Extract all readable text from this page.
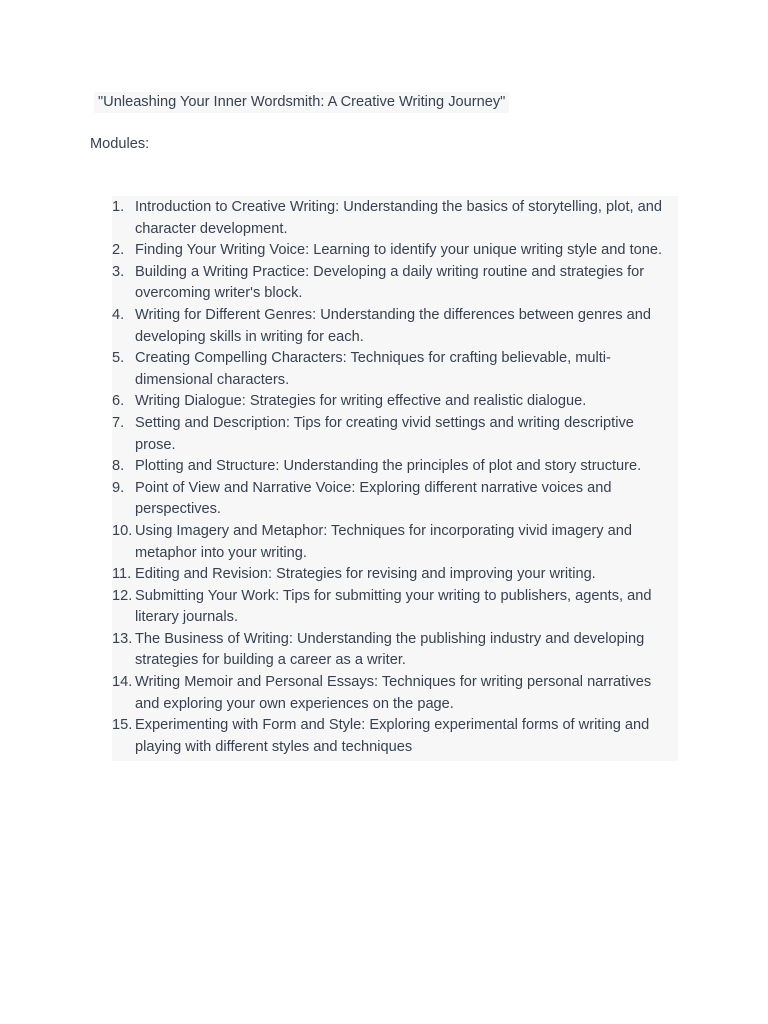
"Unleashing Your Inner Wordsmith: A Creative Writing Journey"
Modules:
1. Introduction to Creative Writing: Understanding the basics of storytelling, plot, and character development.
2. Finding Your Writing Voice: Learning to identify your unique writing style and tone.
3. Building a Writing Practice: Developing a daily writing routine and strategies for overcoming writer's block.
4. Writing for Different Genres: Understanding the differences between genres and developing skills in writing for each.
5. Creating Compelling Characters: Techniques for crafting believable, multi-dimensional characters.
6. Writing Dialogue: Strategies for writing effective and realistic dialogue.
7. Setting and Description: Tips for creating vivid settings and writing descriptive prose.
8. Plotting and Structure: Understanding the principles of plot and story structure.
9. Point of View and Narrative Voice: Exploring different narrative voices and perspectives.
10. Using Imagery and Metaphor: Techniques for incorporating vivid imagery and metaphor into your writing.
11. Editing and Revision: Strategies for revising and improving your writing.
12. Submitting Your Work: Tips for submitting your writing to publishers, agents, and literary journals.
13. The Business of Writing: Understanding the publishing industry and developing strategies for building a career as a writer.
14. Writing Memoir and Personal Essays: Techniques for writing personal narratives and exploring your own experiences on the page.
15. Experimenting with Form and Style: Exploring experimental forms of writing and playing with different styles and techniques
